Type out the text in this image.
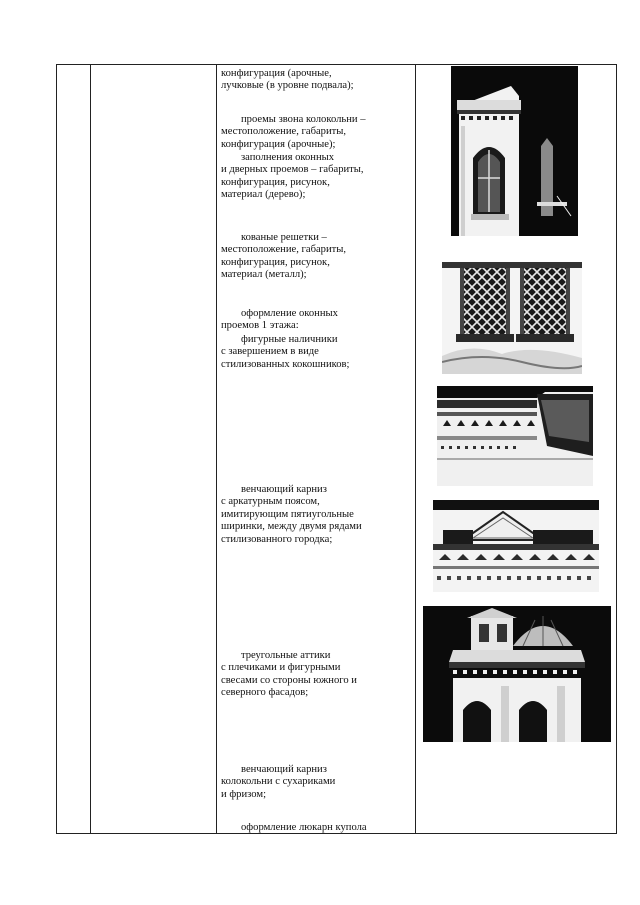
конфигурация (арочные,
лучковые (в уровне подвала);
проемы звона колокольни –
местоположение, габариты,
конфигурация (арочные);
заполнения оконных
и дверных проемов – габариты,
конфигурация, рисунок,
материал (дерево);
кованые решетки –
местоположение, габариты,
конфигурация, рисунок,
материал (металл);
оформление оконных
проемов 1 этажа:
фигурные наличники
с завершением в виде
стилизованных кокошников;
венчающий карниз
с аркатурным поясом,
имитирующим пятиугольные
ширинки, между двумя рядами
стилизованного городка;
треугольные аттики
с плечиками и фигурными
свесами со стороны южного и
северного фасадов;
венчающий карниз
колокольни с сухариками
и фризом;
оформление люкарн купола
